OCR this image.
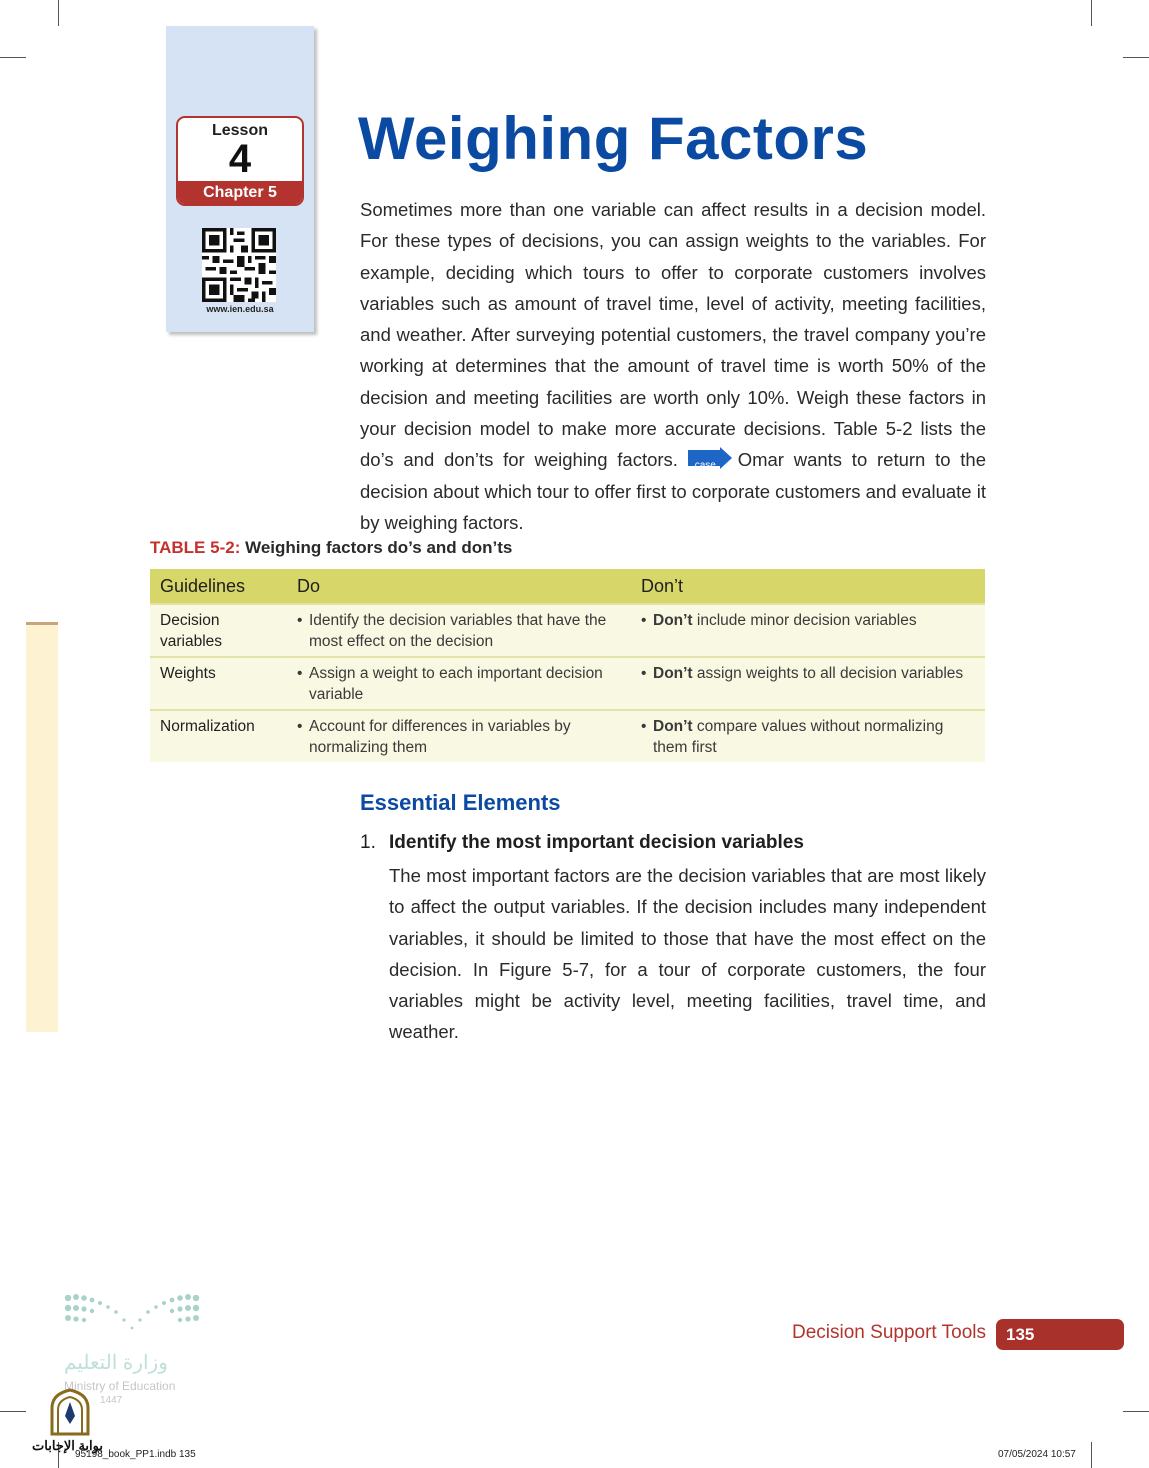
Lesson
4
Chapter 5
www.ien.edu.sa
Weighing Factors
Sometimes more than one variable can affect results in a decision model. For these types of decisions, you can assign weights to the variables. For example, deciding which tours to offer to corporate customers involves variables such as amount of travel time, level of activity, meeting facilities, and weather. After surveying potential customers, the travel company you’re working at determines that the amount of travel time is worth 50% of the decision and meeting facilities are worth only 10%. Weigh these factors in your decision model to make more accurate decisions. Table 5-2 lists the do’s and don’ts for weighing factors. case Omar wants to return to the decision about which tour to offer first to corporate customers and evaluate it by weighing factors.
TABLE 5-2: Weighing factors do’s and don’ts
Guidelines	Do	Don’t
Decision variables	• Identify the decision variables that have the most effect on the decision	• Don’t include minor decision variables

Weights	• Assign a weight to each important decision variable	• Don’t assign weights to all decision variables

Normalization	• Account for differences in variables by normalizing them	• Don’t compare values without normalizing them first
Essential Elements
1. Identify the most important decision variables
The most important factors are the decision variables that are most likely to affect the output variables. If the decision includes many independent variables, it should be limited to those that have the most effect on the decision. In Figure 5-7, for a tour of corporate customers, the four variables might be activity level, meeting facilities, travel time, and weather.
Decision Support Tools	135
وزارة التعليم
Ministry of Education
1447
بوابة الإجابات
95198_book_PP1.indb 135	07/05/2024 10:57
